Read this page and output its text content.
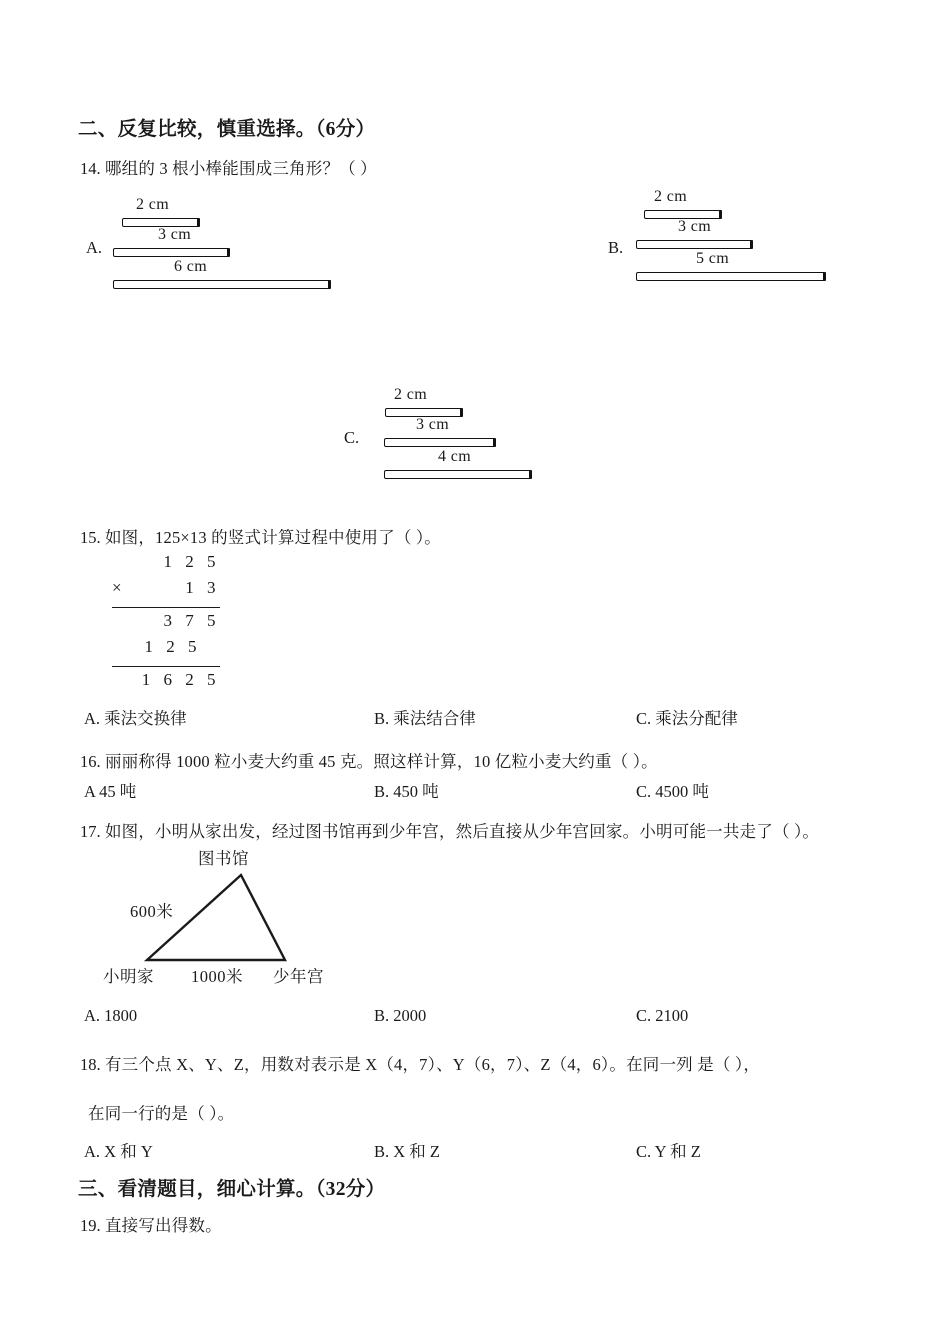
二、反复比较，慎重选择。（6分）
14. 哪组的 3 根小棒能围成三角形？（ ）
A.
2 cm
3 cm
6 cm
B.
2 cm
3 cm
5 cm
C.
2 cm
3 cm
4 cm
15. 如图，125×13 的竖式计算过程中使用了（ ）。
1 2 5
×	1 3
3 7 5
1 2 5
1 6 2 5
A. 乘法交换律	B. 乘法结合律	C. 乘法分配律
16. 丽丽称得 1000 粒小麦大约重 45 克。照这样计算，10 亿粒小麦大约重（ ）。
A 45 吨	B. 450 吨	C. 4500 吨
17. 如图，小明从家出发，经过图书馆再到少年宫，然后直接从少年宫回家。小明可能一共走了（ ）。
图书馆
600米
小明家 1000米 少年宫
A. 1800	B. 2000	C. 2100
18. 有三个点 X、Y、Z，用数对表示是 X（4，7）、Y（6，7）、Z（4，6）。在同一列 是（ ），
在同一行的是（ ）。
A. X 和 Y	B. X 和 Z	C. Y 和 Z
三、看清题目，细心计算。（32分）
19. 直接写出得数。
